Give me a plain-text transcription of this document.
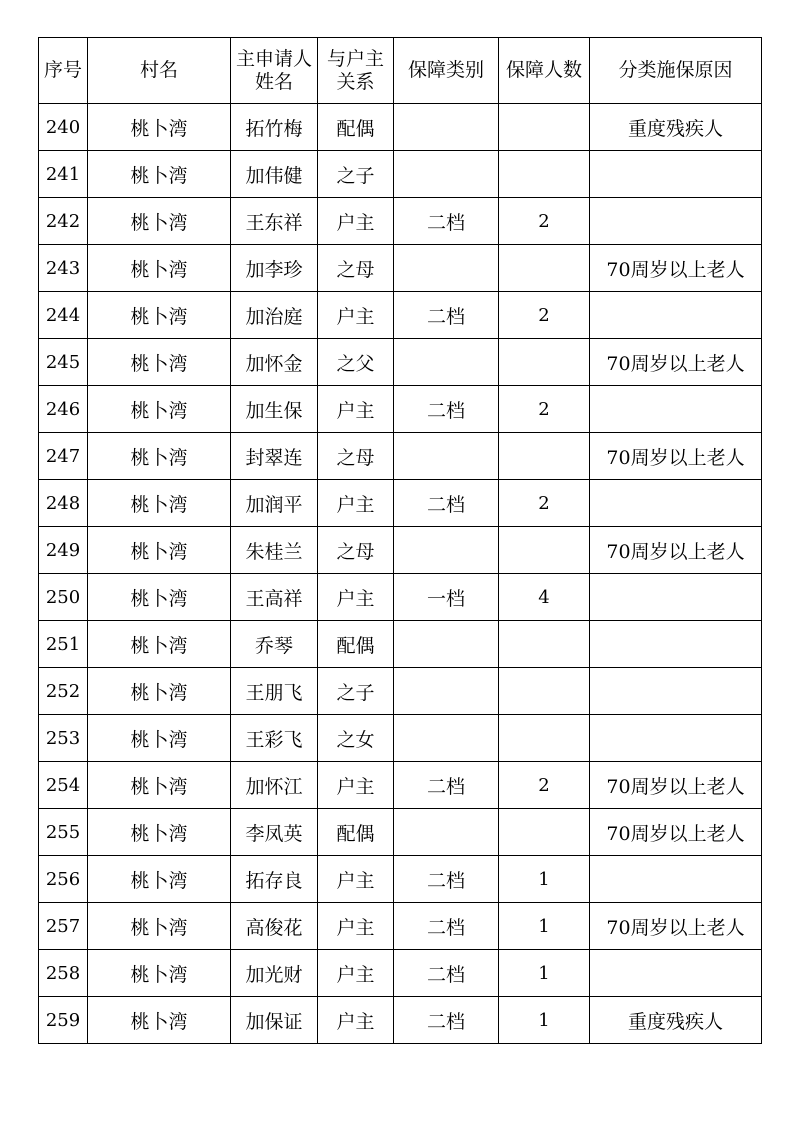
序号	村名	主申请人姓名	与户主关系	保障类别	保障人数	分类施保原因
240	桃卜湾	拓竹梅	配偶			重度残疾人
241	桃卜湾	加伟健	之子			
242	桃卜湾	王东祥	户主	二档	2	
243	桃卜湾	加李珍	之母			70周岁以上老人
244	桃卜湾	加治庭	户主	二档	2	
245	桃卜湾	加怀金	之父			70周岁以上老人
246	桃卜湾	加生保	户主	二档	2	
247	桃卜湾	封翠连	之母			70周岁以上老人
248	桃卜湾	加润平	户主	二档	2	
249	桃卜湾	朱桂兰	之母			70周岁以上老人
250	桃卜湾	王高祥	户主	一档	4	
251	桃卜湾	乔琴	配偶			
252	桃卜湾	王朋飞	之子			
253	桃卜湾	王彩飞	之女			
254	桃卜湾	加怀江	户主	二档	2	70周岁以上老人
255	桃卜湾	李凤英	配偶			70周岁以上老人
256	桃卜湾	拓存良	户主	二档	1	
257	桃卜湾	高俊花	户主	二档	1	70周岁以上老人
258	桃卜湾	加光财	户主	二档	1	
259	桃卜湾	加保证	户主	二档	1	重度残疾人
